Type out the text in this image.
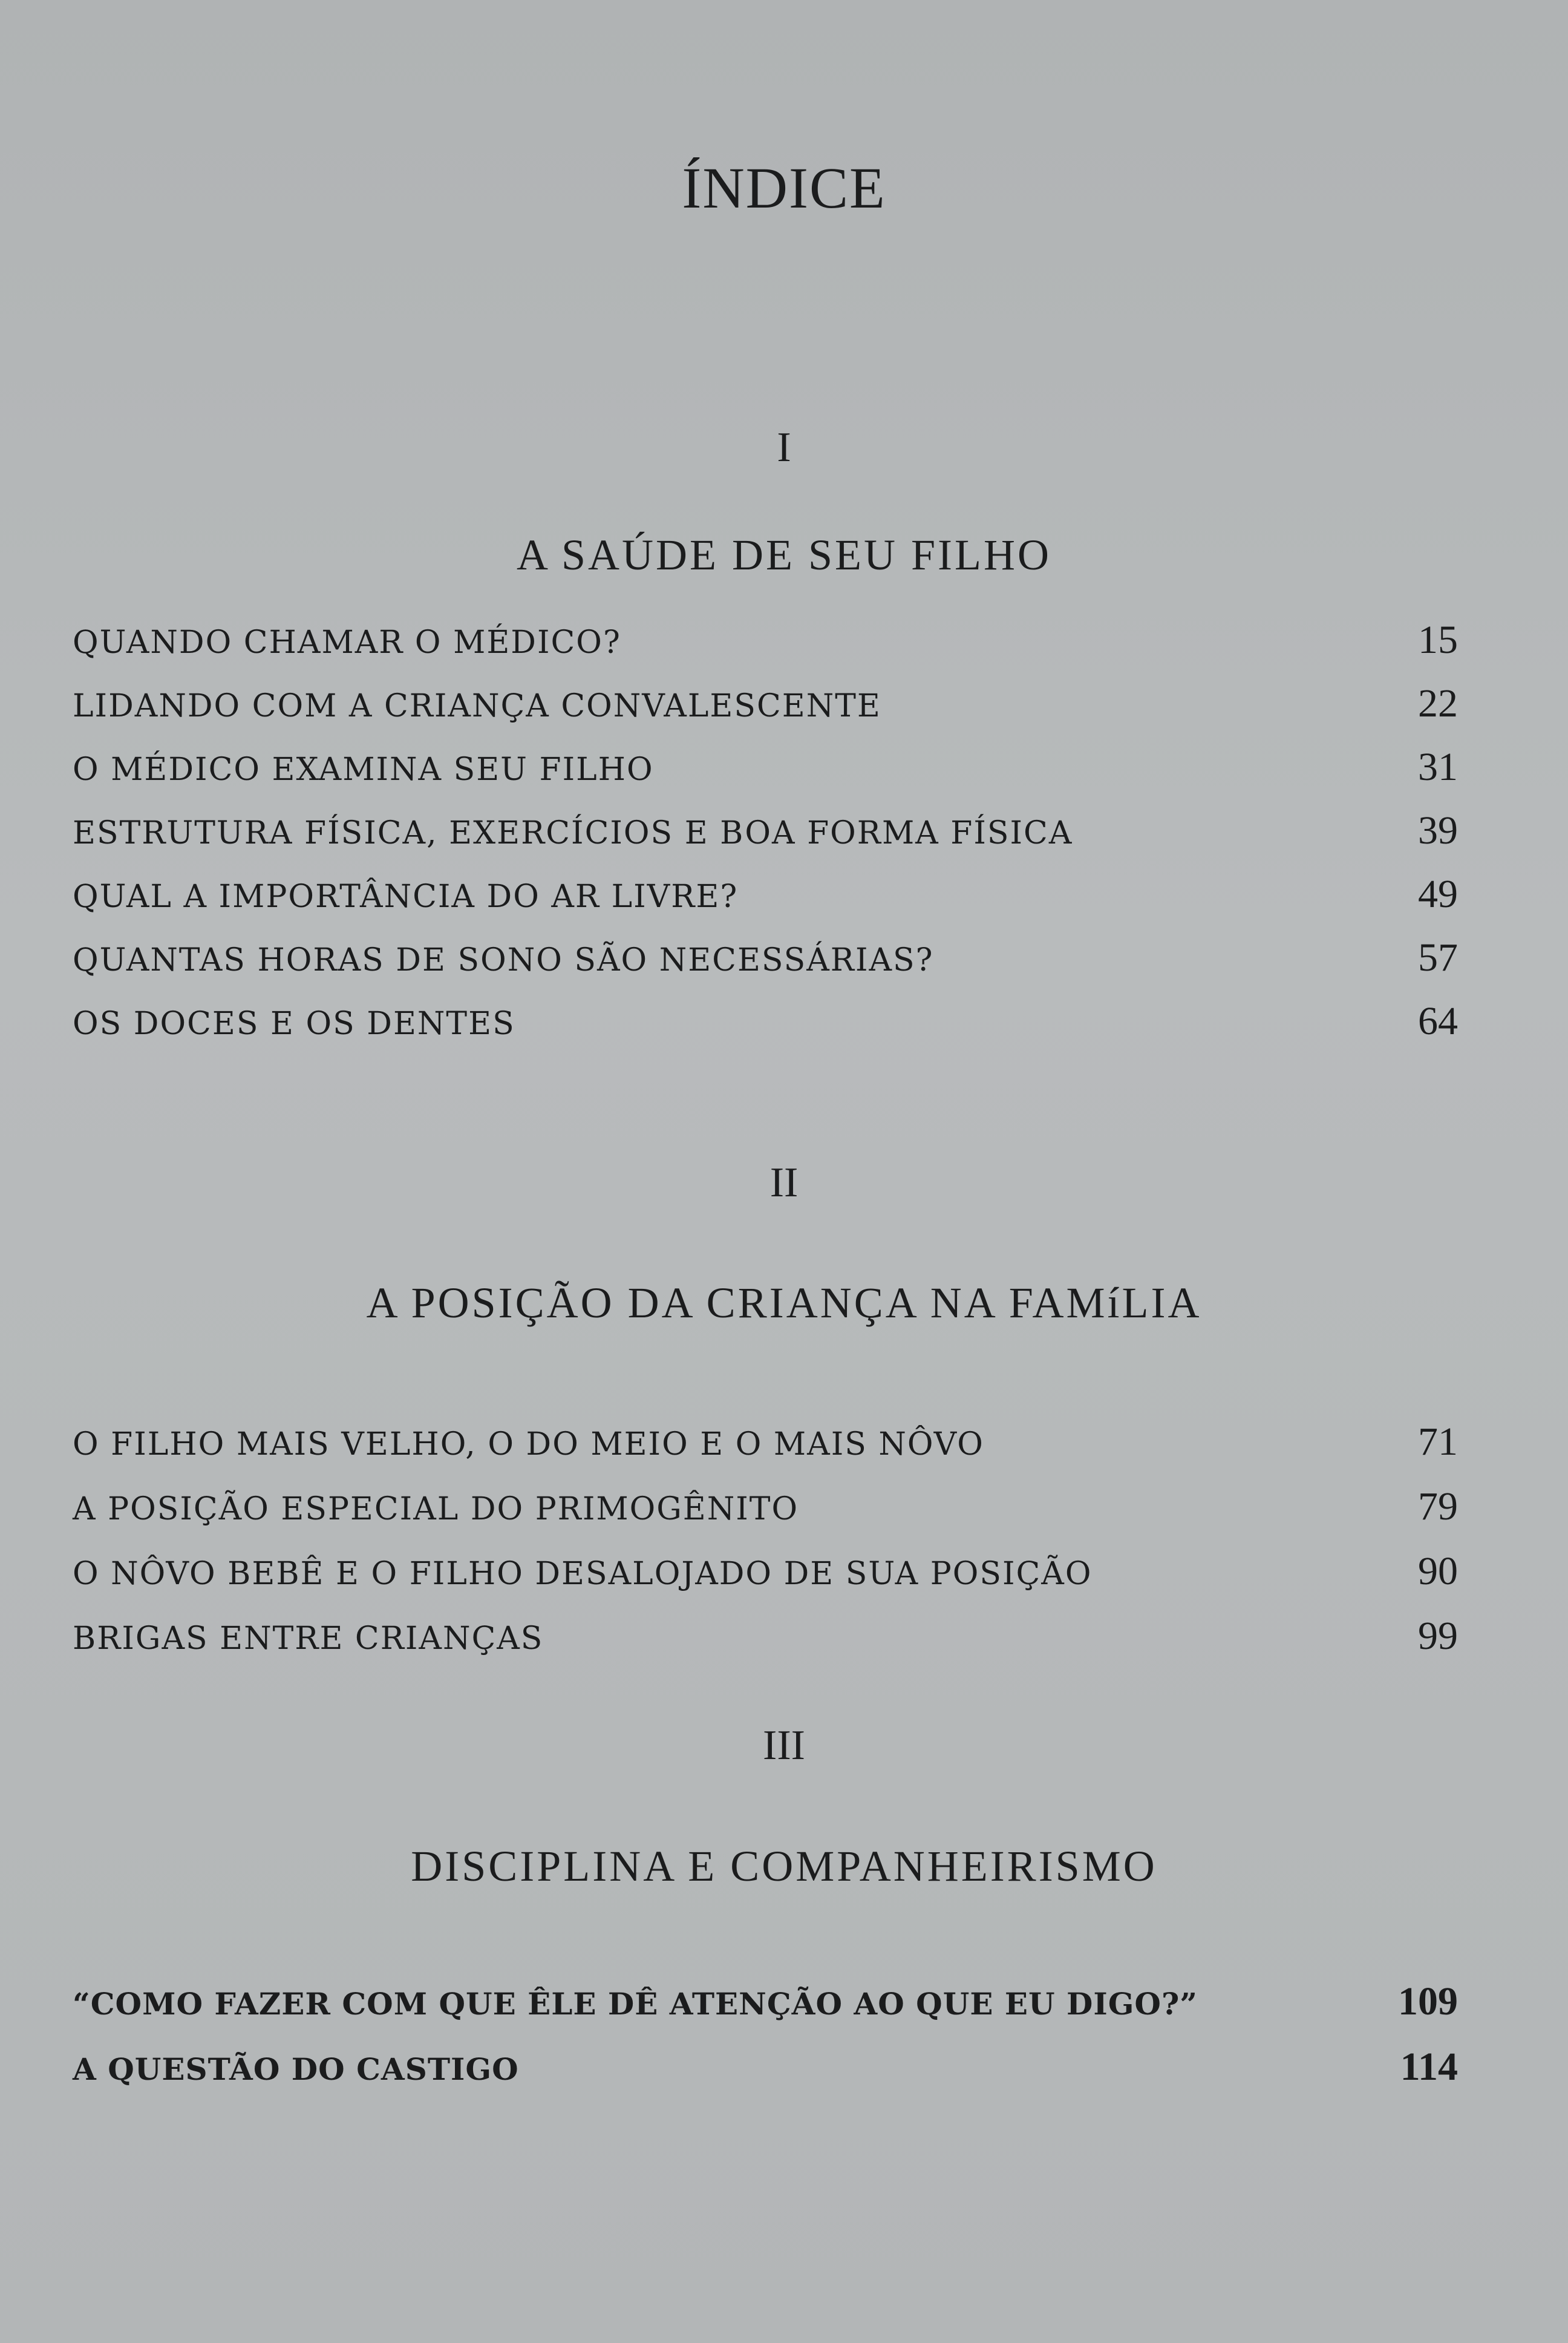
ÍNDICE
I
A SAÚDE DE SEU FILHO
QUANDO CHAMAR O MÉDICO?	15
LIDANDO COM A CRIANÇA CONVALESCENTE	22
O MÉDICO EXAMINA SEU FILHO	31
ESTRUTURA FÍSICA, EXERCÍCIOS E BOA FORMA FÍSICA	39
QUAL A IMPORTÂNCIA DO AR LIVRE?	49
QUANTAS HORAS DE SONO SÃO NECESSÁRIAS?	57
OS DOCES E OS DENTES	64
II
A POSIÇÃO DA CRIANÇA NA FAMíLIA
O FILHO MAIS VELHO, O DO MEIO E O MAIS NÔVO	71
A POSIÇÃO ESPECIAL DO PRIMOGÊNITO	79
O NÔVO BEBÊ E O FILHO DESALOJADO DE SUA POSIÇÃO	90
BRIGAS ENTRE CRIANÇAS	99
III
DISCIPLINA E COMPANHEIRISMO
“COMO FAZER COM QUE ÊLE DÊ ATENÇÃO AO QUE EU DIGO?”	109
A QUESTÃO DO CASTIGO	114
